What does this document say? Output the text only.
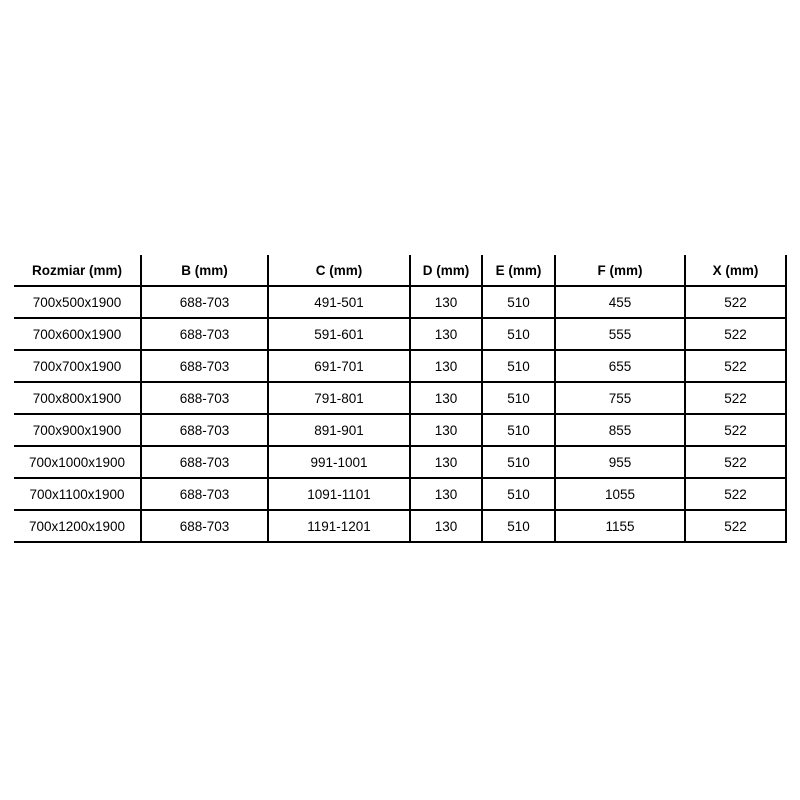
Rozmiar (mm)	B (mm)	C (mm)	D (mm)	E (mm)	F (mm)	X (mm)
700x500x1900	688-703	491-501	130	510	455	522
700x600x1900	688-703	591-601	130	510	555	522
700x700x1900	688-703	691-701	130	510	655	522
700x800x1900	688-703	791-801	130	510	755	522
700x900x1900	688-703	891-901	130	510	855	522
700x1000x1900	688-703	991-1001	130	510	955	522
700x1100x1900	688-703	1091-1101	130	510	1055	522
700x1200x1900	688-703	1191-1201	130	510	1155	522
